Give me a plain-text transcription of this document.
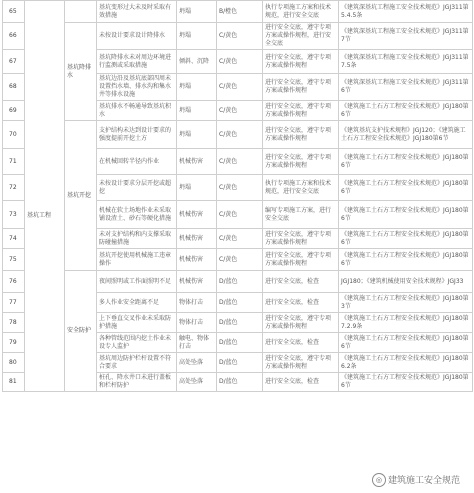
65	基坑工程		基坑变形过大未及时采取有效措施	坍塌	B/橙色	执行专项施工方案和技术规范，进行安全交底	《建筑深基坑工程施工安全技术规范》JGJ311第5.4.5条
66		基坑降排水	未按设计要求设计降排水	坍塌	C/黄色	进行安全交底，遵守专项方案或操作规程，进行安全交底	《建筑深基坑工程施工安全技术规范》JGJ311第7节
67			基坑降排水未对周边环境进行监测或采取措施	倾斜、沉降	C/黄色	进行安全交底，遵守专项方案或操作规程	《建筑深基坑工程施工安全技术规范》JGJ311第7.5条
68			基坑边沿及基坑底部四周未设置挡水墙、排水沟和集水井等排水设施	坍塌	C/黄色	进行安全交底，遵守专项方案或操作规程	《建筑深基坑工程施工安全技术规范》JGJ311第6节
69			基坑排水不畅通导致基坑积水	坍塌	C/黄色	进行安全交底，遵守专项方案或操作规程	《建筑施工土石方工程安全技术规范》JGJ180第6节
70		基坑开挖	支护结构未达到设计要求的强度提前开挖土方	坍塌	C/黄色	进行安全交底，遵守专项方案或操作规程	《建筑基坑支护技术规程》JGJ120；《建筑施工土石方工程安全技术规范》JGJ180第6节
71			在机械回转半径内作业	机械伤害	C/黄色	进行安全交底，遵守专项方案或操作规程	《建筑施工土石方工程安全技术规范》JGJ180第6节
72			未按设计要求分层开挖或超挖	坍塌	C/黄色	执行专项施工方案和技术规范，进行安全交底	《建筑施工土石方工程安全技术规范》JGJ180第6节
73			机械在软土场地作业未采取铺设渣土、砂石等硬化措施	机械伤害	C/黄色	编写专项施工方案，进行安全交底	《建筑施工土石方工程安全技术规范》JGJ180第6节
74			未对支护结构和内支撑采取防碰撞措施	机械伤害	C/黄色	进行安全交底，遵守专项方案或操作规程	《建筑施工土石方工程安全技术规范》JGJ180第6节
75			基坑开挖使用机械施工违章操作	机械伤害	C/黄色	进行安全交底，遵守专项方案或操作规程	《建筑施工土石方工程安全技术规范》JGJ180第6节
76		安全防护	夜间照明或工作面照明不足	机械伤害	D/蓝色	进行安全交底，检查	JGJ180；《建筑机械使用安全技术规程》JGJ33
77			多人作业安全距离不足	物体打击	D/蓝色	进行安全交底，检查	《建筑施工土石方工程安全技术规范》JGJ180第3节
78			上下垂直交叉作业未采取防护措施	物体打击	D/蓝色	进行安全交底，遵守专项方案或操作规程	《建筑施工土石方工程安全技术规范》JGJ180第7.2.9条
79			各种管线范围内挖土作业未设专人监护	触电、物体打击	D/蓝色	进行安全交底，检查	《建筑施工土石方工程安全技术规范》JGJ180第6节
80			基坑周边防护栏杆设置不符合要求	高处坠落	D/蓝色	进行安全交底，遵守专项方案或操作规程	《建筑施工土石方工程安全技术规范》JGJ180第6.2条
81			桩孔、降水井口未进行盖板和栏杆防护	高处坠落	D/蓝色	进行安全交底，检查	《建筑施工土石方工程安全技术规范》JGJ180第6节
◎ 建筑施工安全规范
